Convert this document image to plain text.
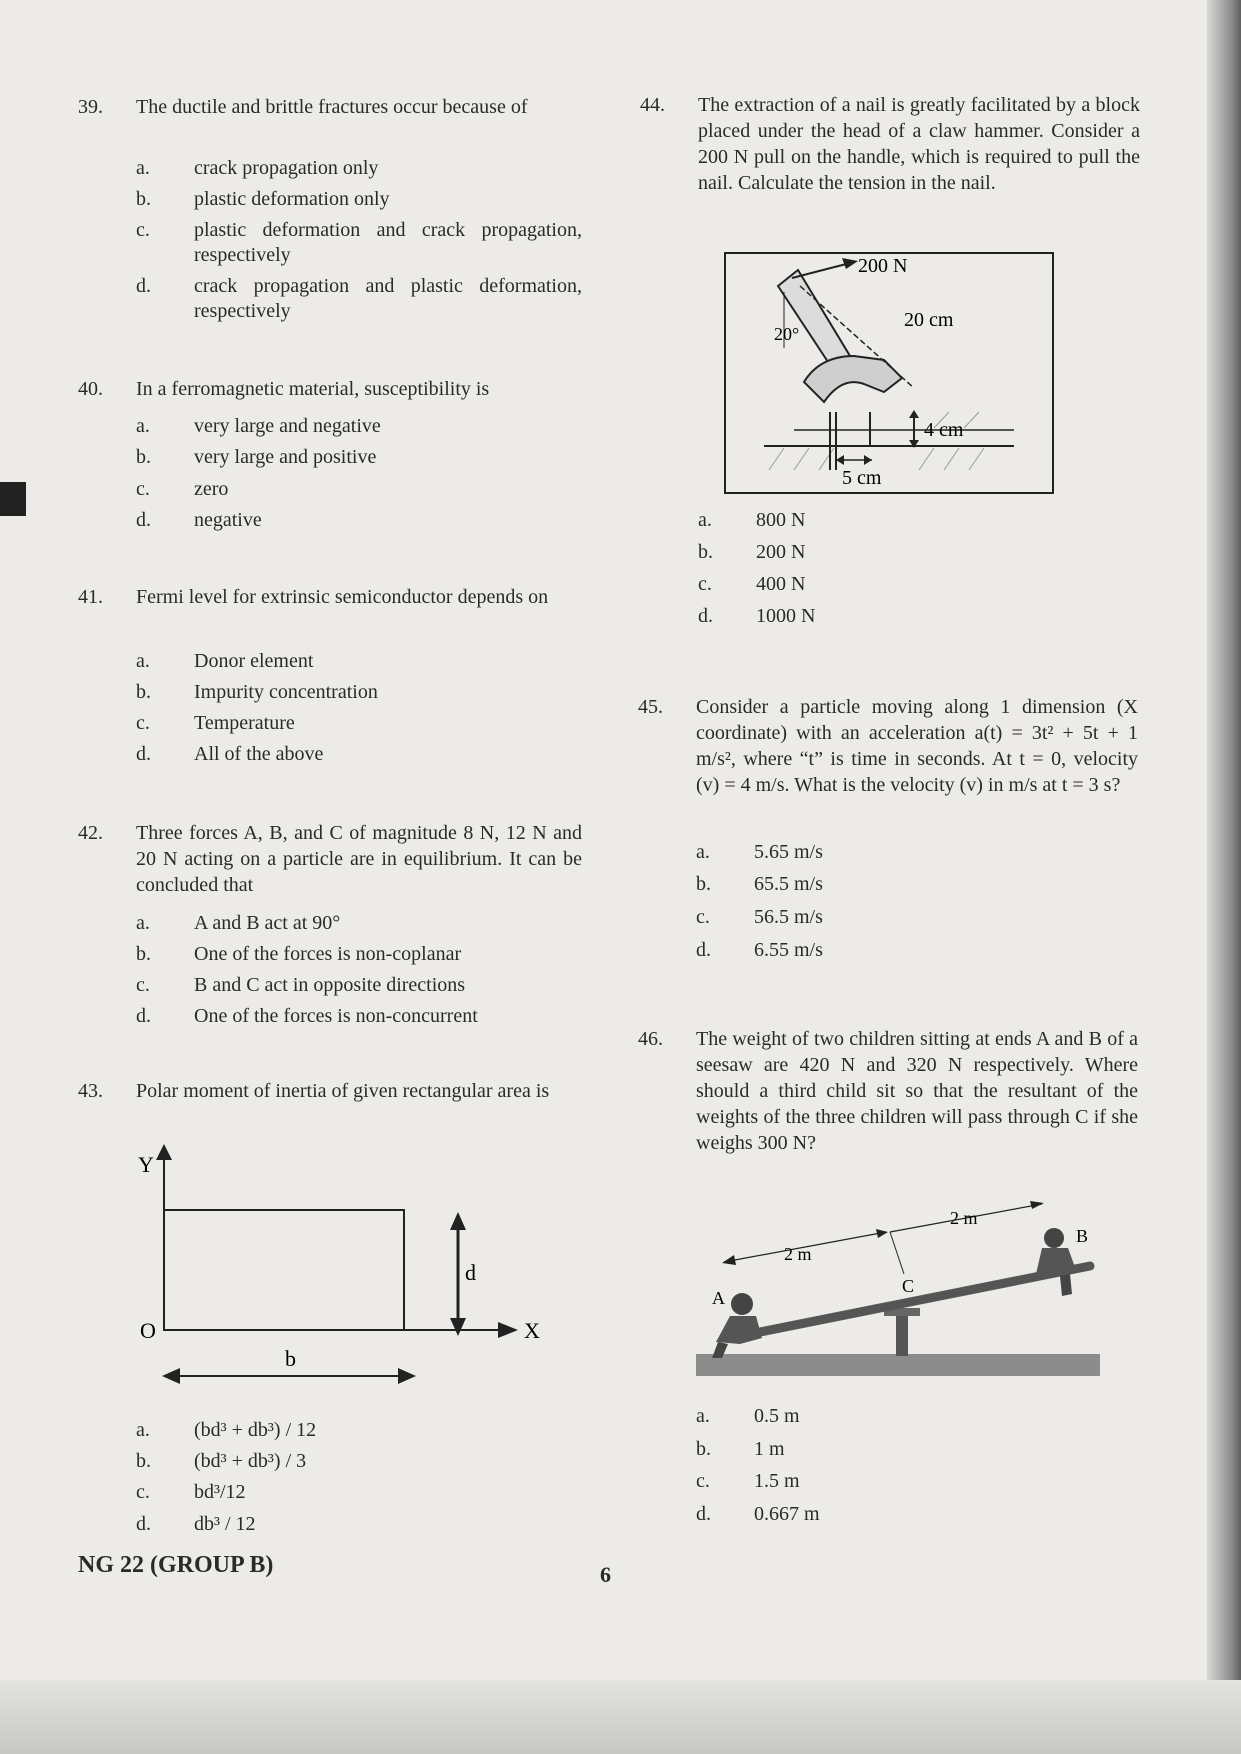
39.	The ductile and brittle fractures occur because of
a.	crack propagation only
b.	plastic deformation only
c.	plastic deformation and crack propagation, respectively
d.	crack propagation and plastic deformation, respectively
40.	In a ferromagnetic material, susceptibility is
a.	very large and negative
b.	very large and positive
c.	zero
d.	negative
41.	Fermi level for extrinsic semiconductor depends on
a.	Donor element
b.	Impurity concentration
c.	Temperature
d.	All of the above
42.	Three forces A, B, and C of magnitude 8 N, 12 N and 20 N acting on a particle are in equilibrium. It can be concluded that
a.	A and B act at 90°
b.	One of the forces is non-coplanar
c.	B and C act in opposite directions
d.	One of the forces is non-concurrent
43.	Polar moment of inertia of given rectangular area is
Y
X
O
d
b
a.	(bd³ + db³) / 12
b.	(bd³ + db³) / 3
c.	bd³/12
d.	db³ / 12
44.	The extraction of a nail is greatly facilitated by a block placed under the head of a claw hammer. Consider a 200 N pull on the handle, which is required to pull the nail. Calculate the tension in the nail.
200 N
20 cm
20°
4 cm
5 cm
a.	800 N
b.	200 N
c.	400 N
d.	1000 N
45.	Consider a particle moving along 1 dimension (X coordinate) with an acceleration a(t) = 3t² + 5t + 1 m/s², where “t” is time in seconds. At t = 0, velocity (v) = 4 m/s. What is the velocity (v) in m/s at t = 3 s?
a.	5.65 m/s
b.	65.5 m/s
c.	56.5 m/s
d.	6.55 m/s
46.	The weight of two children sitting at ends A and B of a seesaw are 420 N and 320 N respectively. Where should a third child sit so that the resultant of the weights of the three children will pass through C if she weighs 300 N?
A
B
C
2 m
2 m
a.	0.5 m
b.	1 m
c.	1.5 m
d.	0.667 m
NG 22 (GROUP B)	6
